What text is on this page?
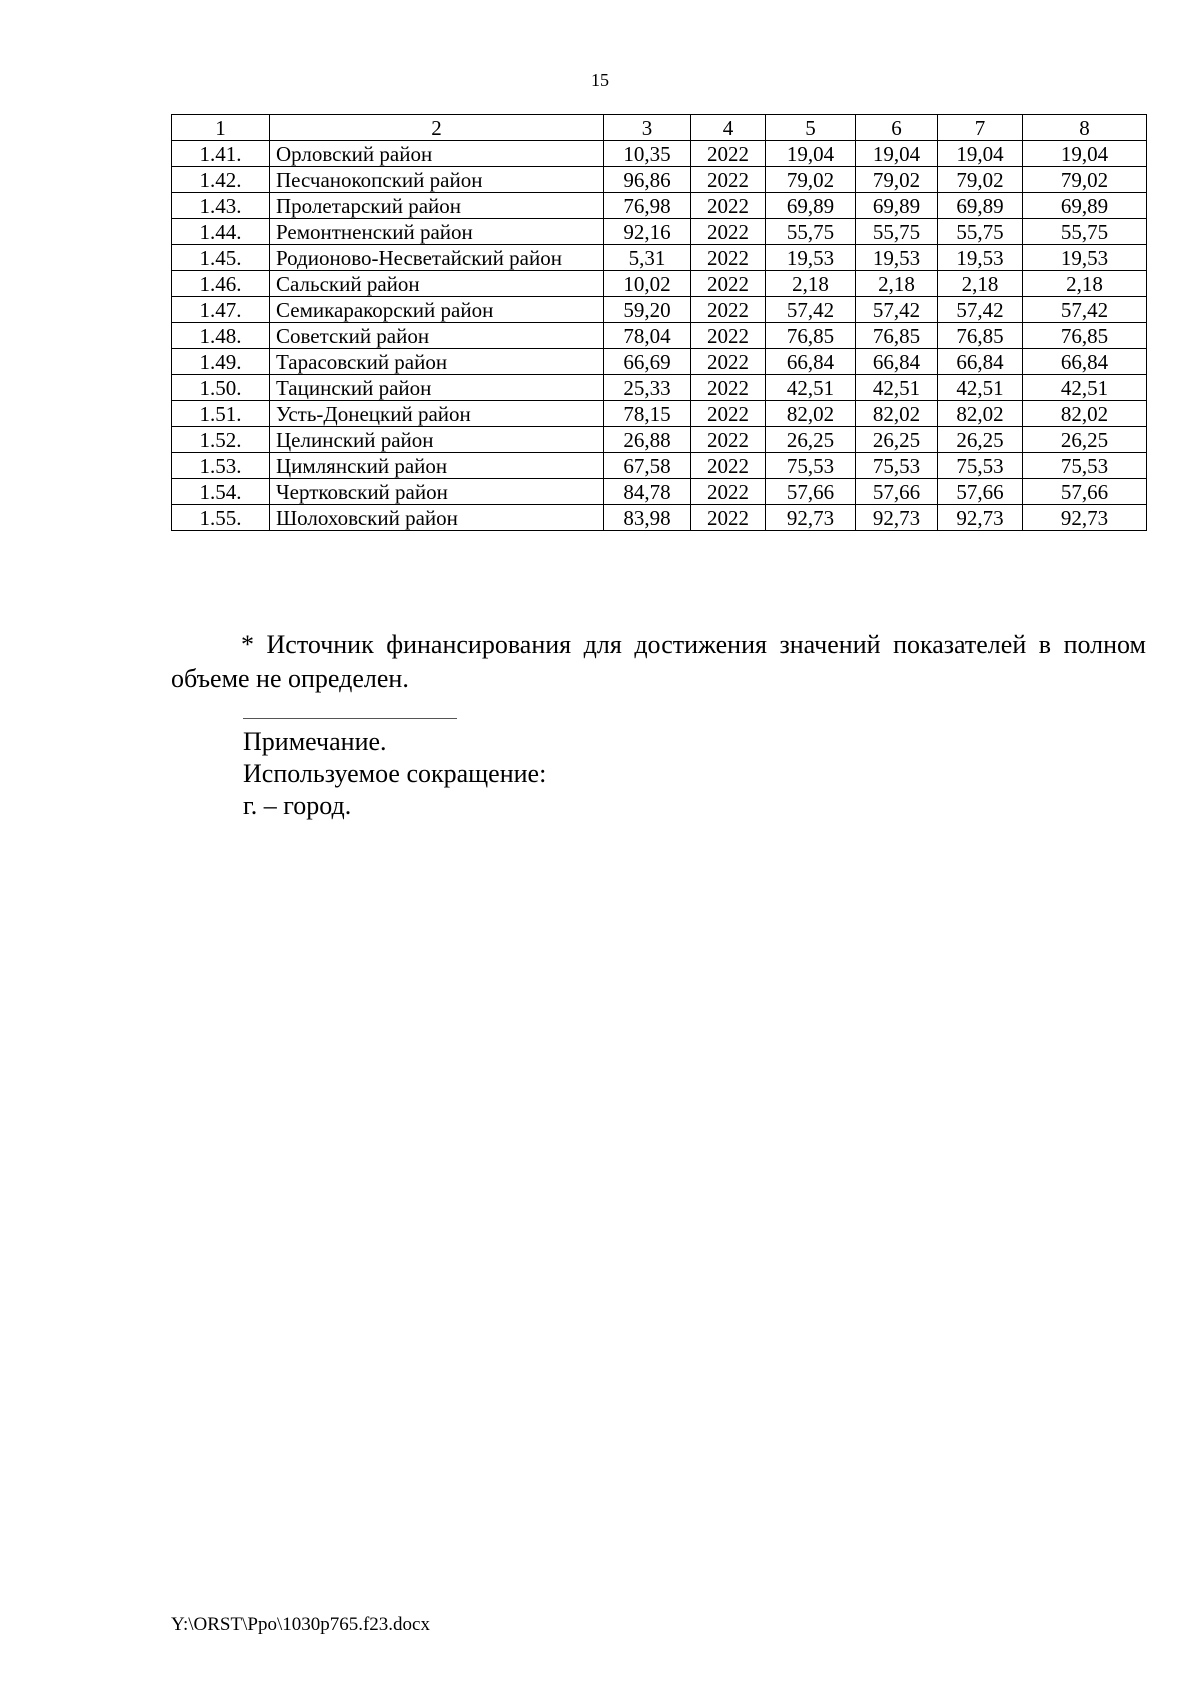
15
1	2	3	4	5	6	7	8
1.41.	Орловский район	10,35	2022	19,04	19,04	19,04	19,04
1.42.	Песчанокопский район	96,86	2022	79,02	79,02	79,02	79,02
1.43.	Пролетарский район	76,98	2022	69,89	69,89	69,89	69,89
1.44.	Ремонтненский район	92,16	2022	55,75	55,75	55,75	55,75
1.45.	Родионово-Несветайский район	5,31	2022	19,53	19,53	19,53	19,53
1.46.	Сальский район	10,02	2022	2,18	2,18	2,18	2,18
1.47.	Семикаракорский район	59,20	2022	57,42	57,42	57,42	57,42
1.48.	Советский район	78,04	2022	76,85	76,85	76,85	76,85
1.49.	Тарасовский район	66,69	2022	66,84	66,84	66,84	66,84
1.50.	Тацинский район	25,33	2022	42,51	42,51	42,51	42,51
1.51.	Усть-Донецкий район	78,15	2022	82,02	82,02	82,02	82,02
1.52.	Целинский район	26,88	2022	26,25	26,25	26,25	26,25
1.53.	Цимлянский район	67,58	2022	75,53	75,53	75,53	75,53
1.54.	Чертковский район	84,78	2022	57,66	57,66	57,66	57,66
1.55.	Шолоховский район	83,98	2022	92,73	92,73	92,73	92,73
* Источник финансирования для достижения значений показателей в полном объеме не определен.
Примечание.
Используемое сокращение:
г. – город.
Y:\ORST\Ppo\1030p765.f23.docx
